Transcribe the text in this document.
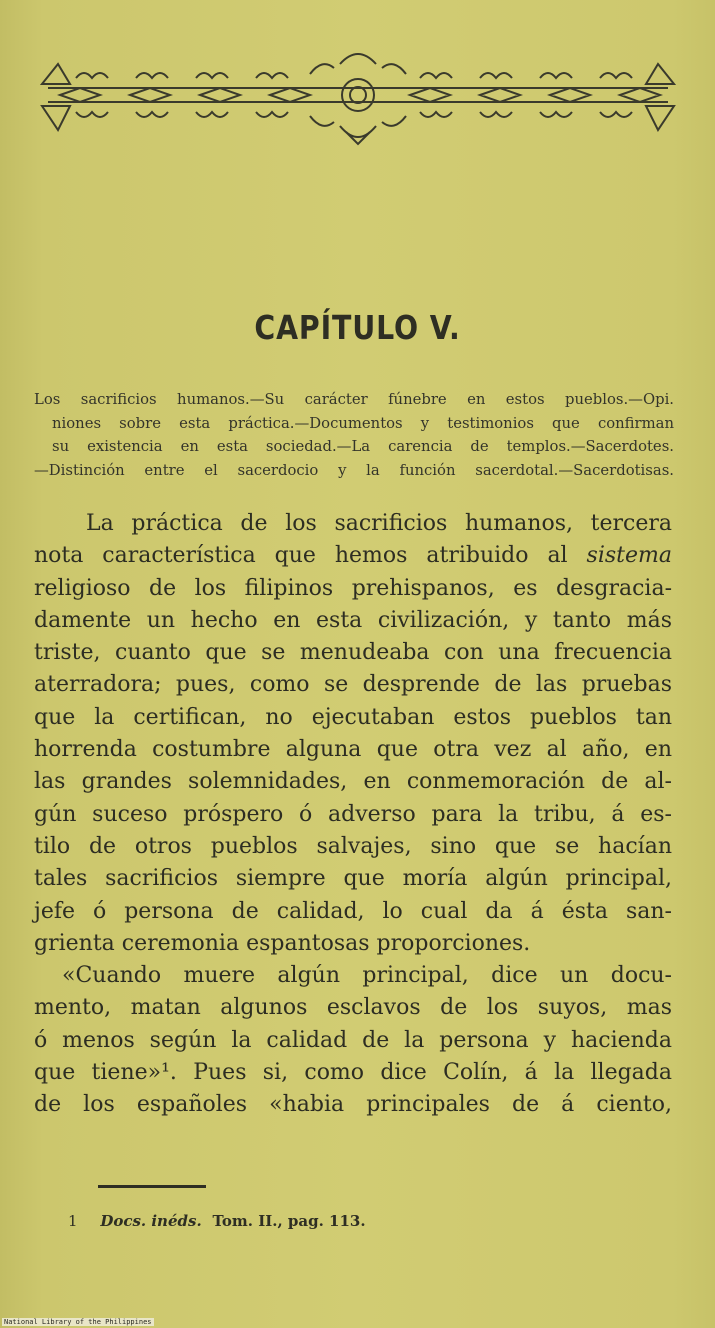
CAPÍTULO V.
Los sacrificios humanos.—Su carácter fúnebre en estos pueblos.—Opi.
niones sobre esta práctica.—Documentos y testimonios que confirman
su existencia en esta sociedad.—La carencia de templos.—Sacerdotes.
—Distinción entre el sacerdocio y la función sacerdotal.—Sacerdotisas.
La práctica de los sacrificios humanos, tercera
nota característica que hemos atribuido al sistema
religioso de los filipinos prehispanos, es desgracia-
damente un hecho en esta civilización, y tanto más
triste, cuanto que se menudeaba con una frecuencia
aterradora; pues, como se desprende de las pruebas
que la certifican, no ejecutaban estos pueblos tan
horrenda costumbre alguna que otra vez al año, en
las grandes solemnidades, en conmemoración de al-
gún suceso próspero ó adverso para la tribu, á es-
tilo de otros pueblos salvajes, sino que se hacían
tales sacrificios siempre que moría algún principal,
jefe ó persona de calidad, lo cual da á ésta san-
grienta ceremonia espantosas proporciones.
«Cuando muere algún principal, dice un docu-
mento, matan algunos esclavos de los suyos, mas
ó menos según la calidad de la persona y hacienda
que tiene»¹. Pues si, como dice Colín, á la llegada
de los españoles «habia principales de á ciento,
1 Docs. inéds. Tom. II., pag. 113.
National Library of the Philippines
